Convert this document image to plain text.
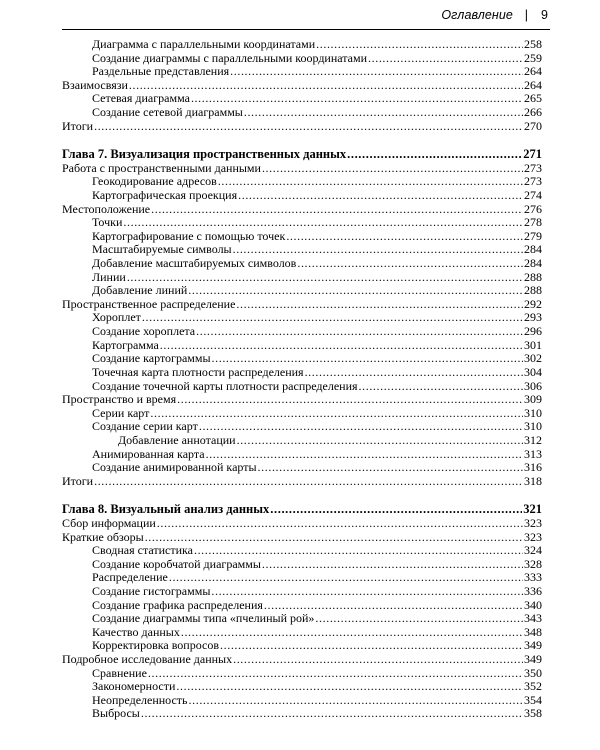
Оглавление | 9
Диаграмма с параллельными координатами .....	258
Создание диаграммы с параллельными координатами .....	259
Раздельные представления .....	264
Взаимосвязи .....	264
Сетевая диаграмма .....	265
Создание сетевой диаграммы .....	266
Итоги .....	270
Глава 7. Визуализация пространственных данных .....	271
Работа с пространственными данными .....	273
Геокодирование адресов .....	273
Картографическая проекция .....	274
Местоположение .....	276
Точки .....	278
Картографирование с помощью точек .....	279
Масштабируемые символы .....	284
Добавление масштабируемых символов .....	284
Линии .....	288
Добавление линий .....	288
Пространственное распределение .....	292
Хороплет .....	293
Создание хороплета .....	296
Картограмма .....	301
Создание картограммы .....	302
Точечная карта плотности распределения .....	304
Создание точечной карты плотности распределения .....	306
Пространство и время .....	309
Серии карт .....	310
Создание серии карт .....	310
Добавление аннотации .....	312
Анимированная карта .....	313
Создание анимированной карты .....	316
Итоги .....	318
Глава 8. Визуальный анализ данных .....	321
Сбор информации .....	323
Краткие обзоры .....	323
Сводная статистика .....	324
Создание коробчатой диаграммы .....	328
Распределение .....	333
Создание гистограммы .....	336
Создание графика распределения .....	340
Создание диаграммы типа «пчелиный рой» .....	343
Качество данных .....	348
Корректировка вопросов .....	349
Подробное исследование данных .....	349
Сравнение .....	350
Закономерности .....	352
Неопределенность .....	354
Выбросы .....	358
